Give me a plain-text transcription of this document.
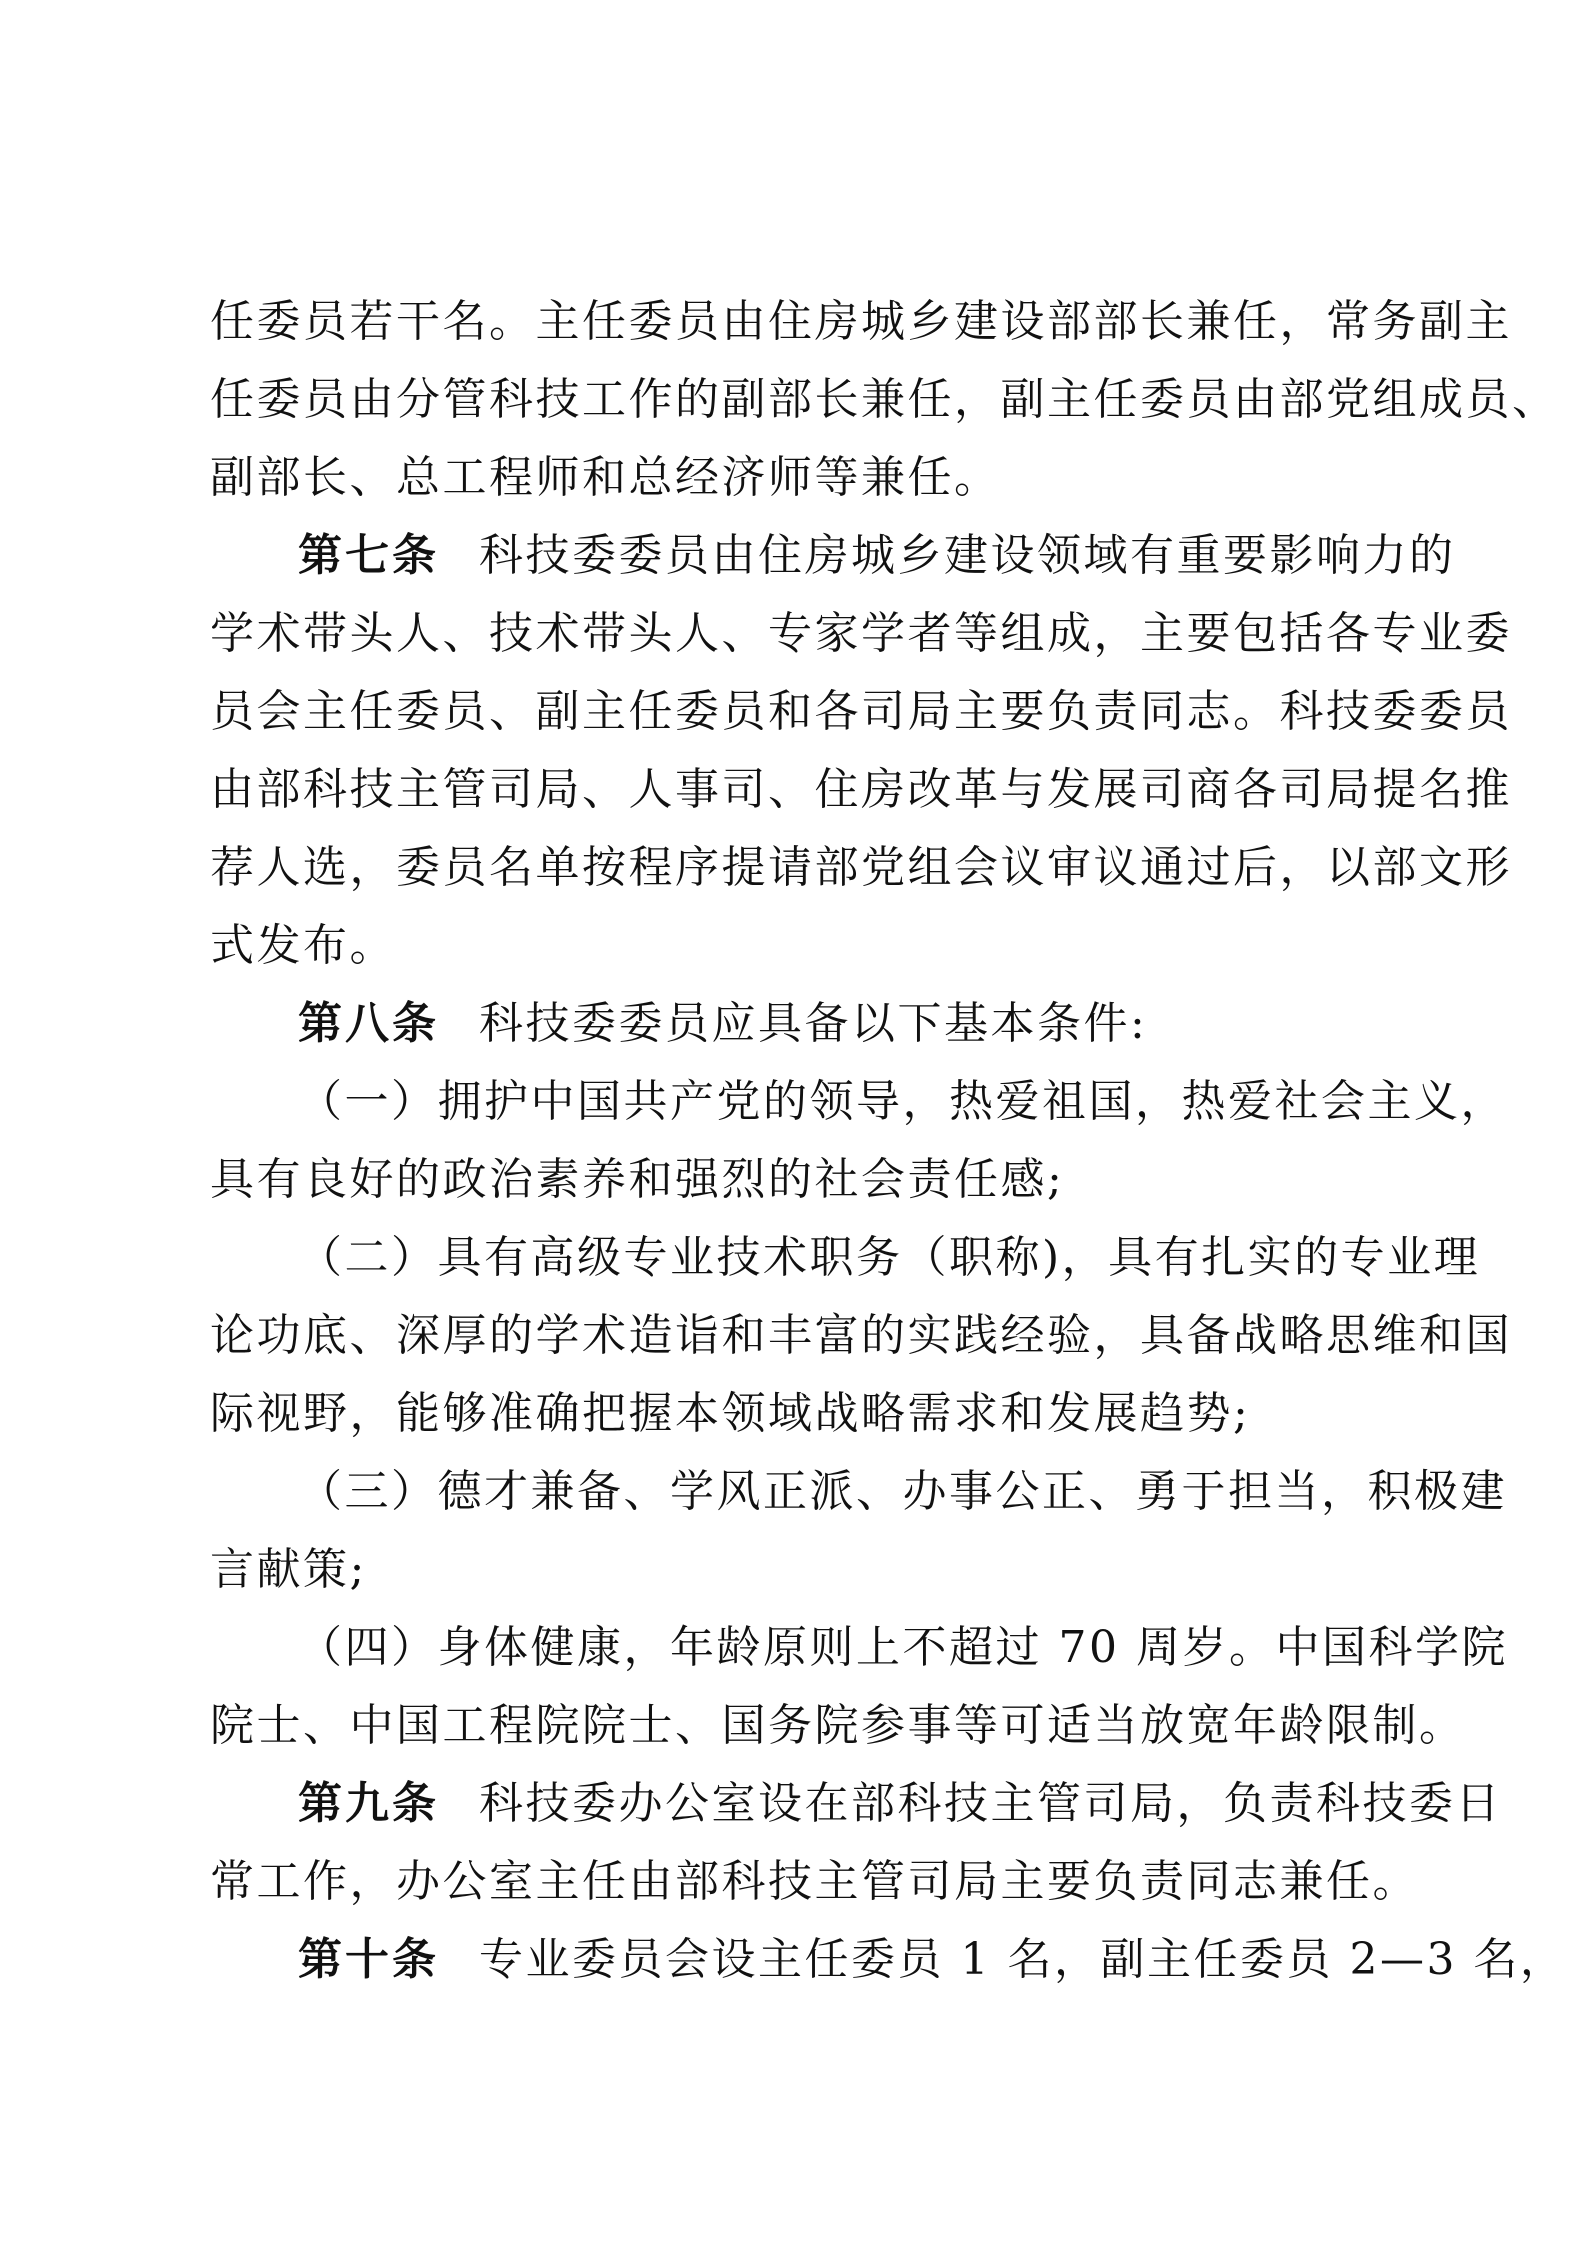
任委员若干名。主任委员由住房城乡建设部部长兼任，常务副主
任委员由分管科技工作的副部长兼任，副主任委员由部党组成员、
副部长、总工程师和总经济师等兼任。
第七条 科技委委员由住房城乡建设领域有重要影响力的
学术带头人、技术带头人、专家学者等组成，主要包括各专业委
员会主任委员、副主任委员和各司局主要负责同志。科技委委员
由部科技主管司局、人事司、住房改革与发展司商各司局提名推
荐人选，委员名单按程序提请部党组会议审议通过后，以部文形
式发布。
第八条 科技委委员应具备以下基本条件:
（一）拥护中国共产党的领导，热爱祖国，热爱社会主义，
具有良好的政治素养和强烈的社会责任感;
（二）具有高级专业技术职务（职称)，具有扎实的专业理
论功底、深厚的学术造诣和丰富的实践经验，具备战略思维和国
际视野，能够准确把握本领域战略需求和发展趋势;
（三）德才兼备、学风正派、办事公正、勇于担当，积极建
言献策;
（四）身体健康，年龄原则上不超过 70 周岁。中国科学院
院士、中国工程院院士、国务院参事等可适当放宽年龄限制。
第九条 科技委办公室设在部科技主管司局，负责科技委日
常工作，办公室主任由部科技主管司局主要负责同志兼任。
第十条 专业委员会设主任委员 1 名，副主任委员 2—3 名，
